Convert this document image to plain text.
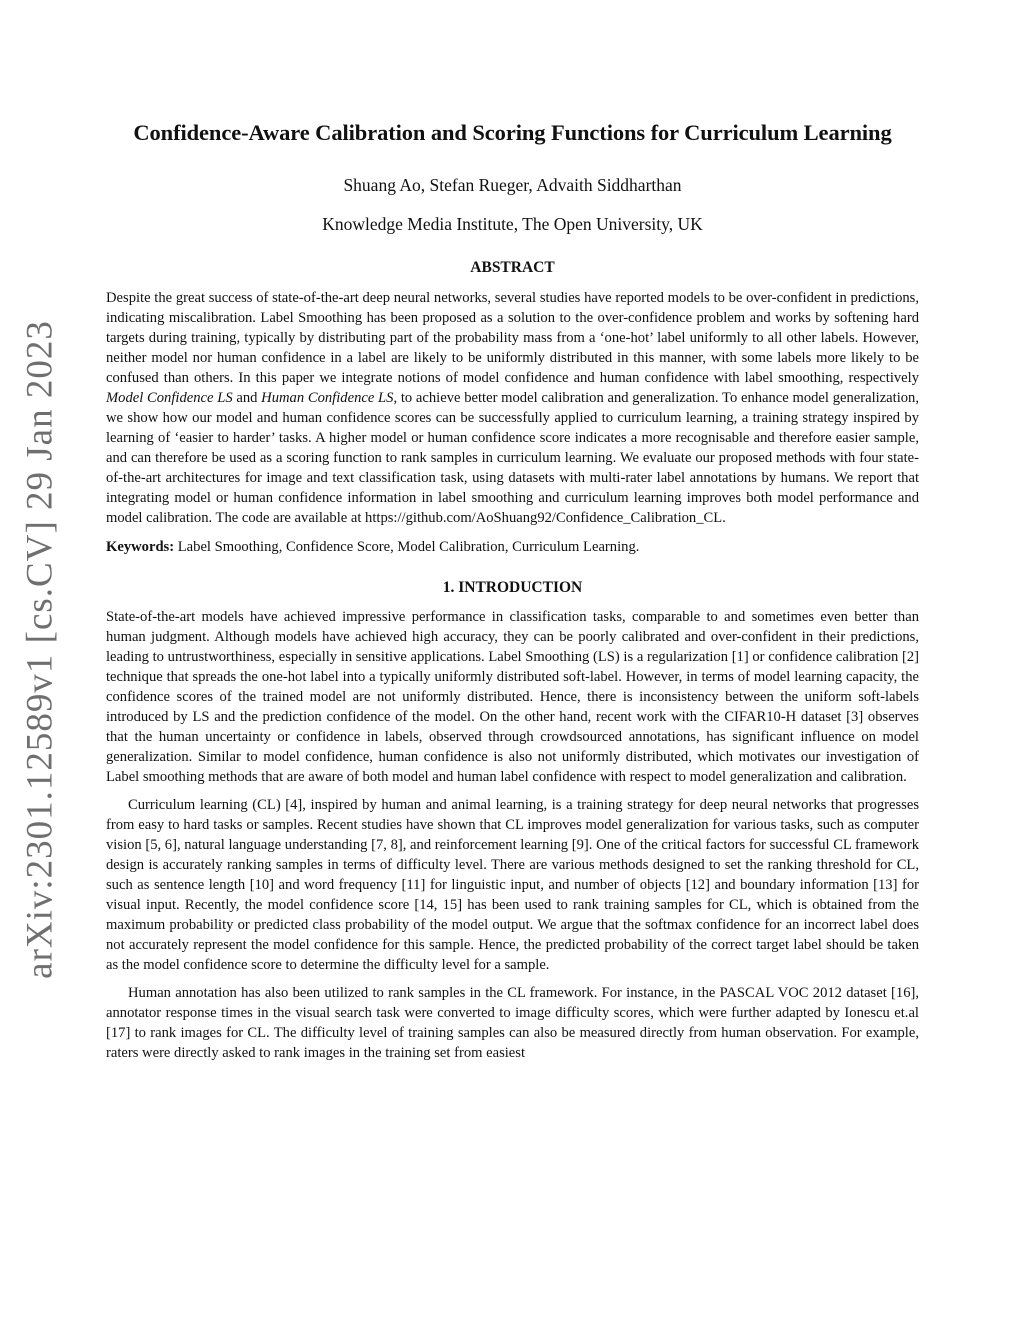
arXiv:2301.12589v1 [cs.CV] 29 Jan 2023
Confidence-Aware Calibration and Scoring Functions for Curriculum Learning
Shuang Ao, Stefan Rueger, Advaith Siddharthan
Knowledge Media Institute, The Open University, UK
ABSTRACT

Despite the great success of state-of-the-art deep neural networks, several studies have reported models to be over-confident in predictions, indicating miscalibration. Label Smoothing has been proposed as a solution to the over-confidence problem and works by softening hard targets during training, typically by distributing part of the probability mass from a ‘one-hot’ label uniformly to all other labels. However, neither model nor human confidence in a label are likely to be uniformly distributed in this manner, with some labels more likely to be confused than others. In this paper we integrate notions of model confidence and human confidence with label smoothing, respectively Model Confidence LS and Human Confidence LS, to achieve better model calibration and generalization. To enhance model generalization, we show how our model and human confidence scores can be successfully applied to curriculum learning, a training strategy inspired by learning of ‘easier to harder’ tasks. A higher model or human confidence score indicates a more recognisable and therefore easier sample, and can therefore be used as a scoring function to rank samples in curriculum learning. We evaluate our proposed methods with four state-of-the-art architectures for image and text classification task, using datasets with multi-rater label annotations by humans. We report that integrating model or human confidence information in label smoothing and curriculum learning improves both model performance and model calibration. The code are available at https://github.com/AoShuang92/Confidence_Calibration_CL.

Keywords: Label Smoothing, Confidence Score, Model Calibration, Curriculum Learning.

1. INTRODUCTION

State-of-the-art models have achieved impressive performance in classification tasks, comparable to and sometimes even better than human judgment. Although models have achieved high accuracy, they can be poorly calibrated and over-confident in their predictions, leading to untrustworthiness, especially in sensitive applications. Label Smoothing (LS) is a regularization [1] or confidence calibration [2] technique that spreads the one-hot label into a typically uniformly distributed soft-label. However, in terms of model learning capacity, the confidence scores of the trained model are not uniformly distributed. Hence, there is inconsistency between the uniform soft-labels introduced by LS and the prediction confidence of the model. On the other hand, recent work with the CIFAR10-H dataset [3] observes that the human uncertainty or confidence in labels, observed through crowdsourced annotations, has significant influence on model generalization. Similar to model confidence, human confidence is also not uniformly distributed, which motivates our investigation of Label smoothing methods that are aware of both model and human label confidence with respect to model generalization and calibration.

Curriculum learning (CL) [4], inspired by human and animal learning, is a training strategy for deep neural networks that progresses from easy to hard tasks or samples. Recent studies have shown that CL improves model generalization for various tasks, such as computer vision [5, 6], natural language understanding [7, 8], and reinforcement learning [9]. One of the critical factors for successful CL framework design is accurately ranking samples in terms of difficulty level. There are various methods designed to set the ranking threshold for CL, such as sentence length [10] and word frequency [11] for linguistic input, and number of objects [12] and boundary information [13] for visual input. Recently, the model confidence score [14, 15] has been used to rank training samples for CL, which is obtained from the maximum probability or predicted class probability of the model output. We argue that the softmax confidence for an incorrect label does not accurately represent the model confidence for this sample. Hence, the predicted probability of the correct target label should be taken as the model confidence score to determine the difficulty level for a sample.

Human annotation has also been utilized to rank samples in the CL framework. For instance, in the PASCAL VOC 2012 dataset [16], annotator response times in the visual search task were converted to image difficulty scores, which were further adapted by Ionescu et.al [17] to rank images for CL. The difficulty level of training samples can also be measured directly from human observation. For example, raters were directly asked to rank images in the training set from easiest
